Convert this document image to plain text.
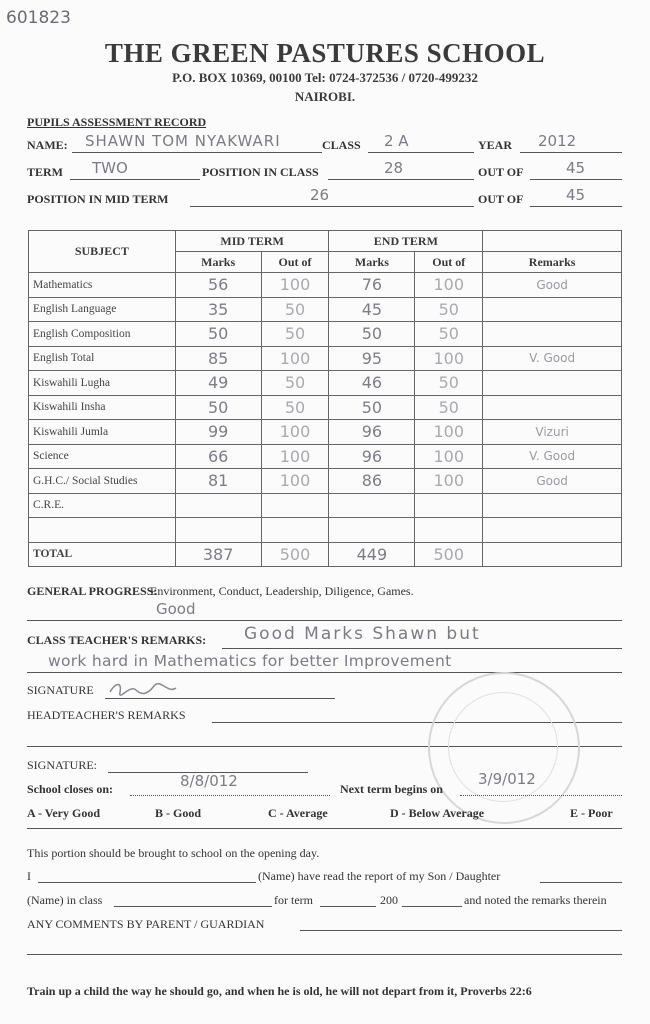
601823
THE GREEN PASTURES SCHOOL
P.O. BOX 10369, 00100 Tel: 0724-372536 / 0720-499232
NAIROBI.
PUPILS ASSESSMENT RECORD
NAME: SHAWN TOM NYAKWARI	CLASS 2 A	YEAR 2012
TERM TWO	POSITION IN CLASS	28	OUT OF	45
POSITION IN MID TERM	26	OUT OF	45
SUBJECT	MID TERM		END TERM		
	Marks	Out of	Marks	Out of	Remarks
Mathematics	56	100	76	100	Good
English Language	35	50	45	50	
English Composition	50	50	50	50	
English Total	85	100	95	100	V. Good
Kiswahili Lugha	49	50	46	50	
Kiswahili Insha	50	50	50	50	
Kiswahili Jumla	99	100	96	100	Vizuri
Science	66	100	96	100	V. Good
G.H.C./ Social Studies	81	100	86	100	Good
C.R.E.					

TOTAL	387	500	449	500	
GENERAL PROGRESS:
Environment, Conduct, Leadership, Diligence, Games.
Good
CLASS TEACHER'S REMARKS: Good Marks Shawn but
work hard in Mathematics for better Improvement
SIGNATURE
HEADTEACHER'S REMARKS
SIGNATURE:
School closes on:	8/8/012	Next term begins on
3/9/012
A - Very Good	B - Good	C - Average	D - Below Average	E - Poor
This portion should be brought to school on the opening day.
I	(Name) have read the report of my Son / Daughter
(Name) in class	for term	200	and noted the remarks therein
ANY COMMENTS BY PARENT / GUARDIAN
Train up a child the way he should go, and when he is old, he will not depart from it, Proverbs 22:6
